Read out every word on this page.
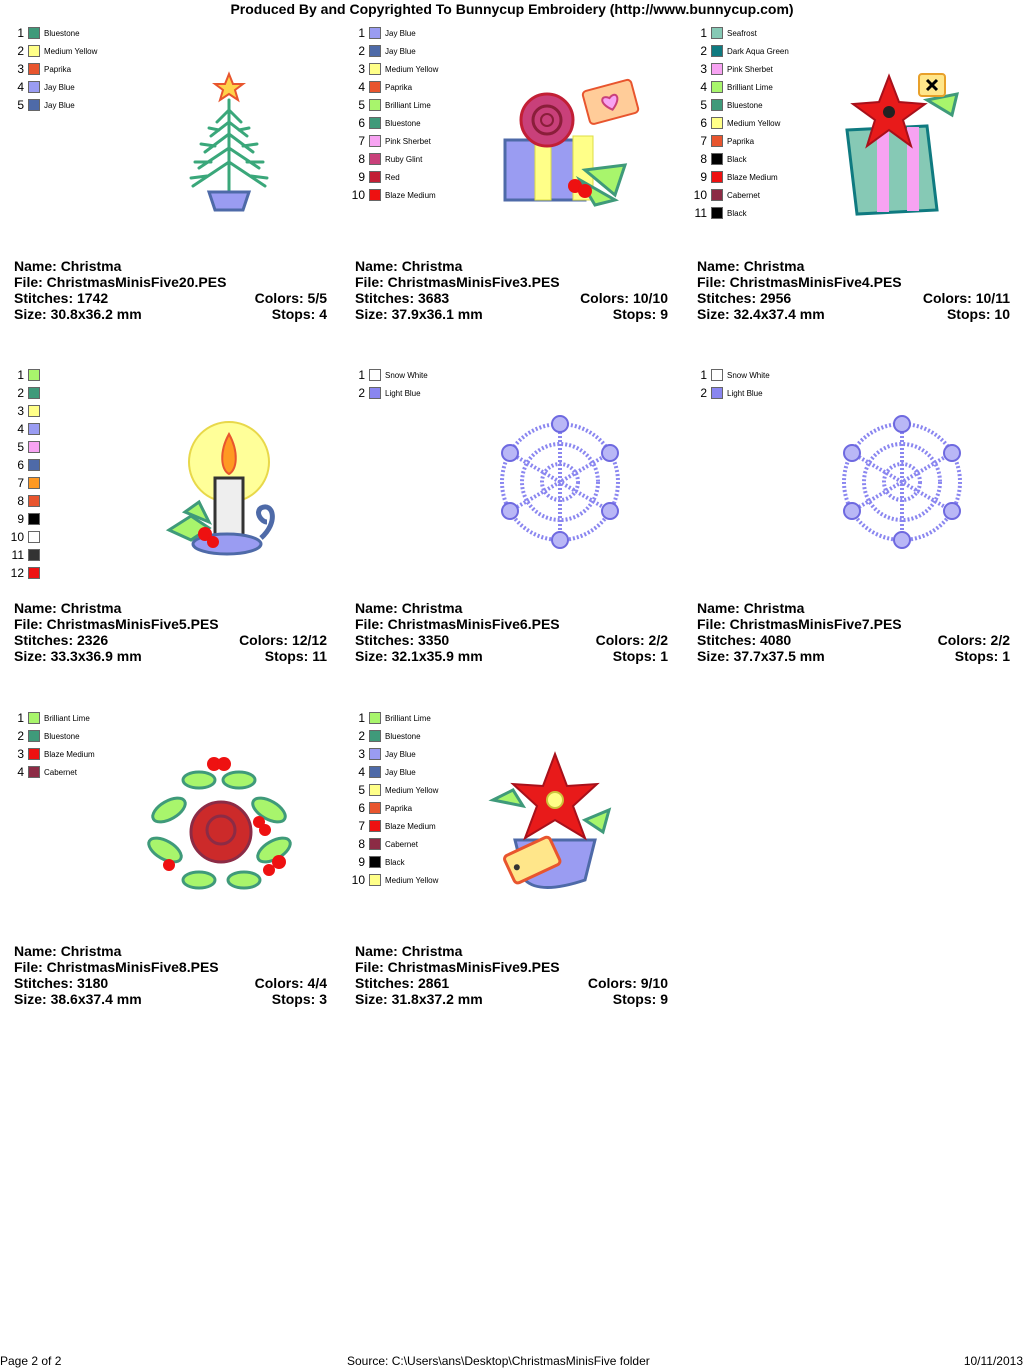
Produced By and Copyrighted To Bunnycup Embroidery (http://www.bunnycup.com)
1	Bluestone
2	Medium Yellow
3	Paprika
4	Jay Blue
5	Jay Blue
Name: Christma
File: ChristmasMinisFive20.PES
Stitches: 1742	Colors: 5/5
Size: 30.8x36.2 mm	Stops: 4
1	Jay Blue
2	Jay Blue
3	Medium Yellow
4	Paprika
5	Brilliant Lime
6	Bluestone
7	Pink Sherbet
8	Ruby Glint
9	Red
10	Blaze Medium
Name: Christma
File: ChristmasMinisFive3.PES
Stitches: 3683	Colors: 10/10
Size: 37.9x36.1 mm	Stops: 9
1	Seafrost
2	Dark Aqua Green
3	Pink Sherbet
4	Brilliant Lime
5	Bluestone
6	Medium Yellow
7	Paprika
8	Black
9	Blaze Medium
10	Cabernet
11	Black
Name: Christma
File: ChristmasMinisFive4.PES
Stitches: 2956	Colors: 10/11
Size: 32.4x37.4 mm	Stops: 10
1
2
3
4
5
6
7
8
9
10
11
12
Name: Christma
File: ChristmasMinisFive5.PES
Stitches: 2326	Colors: 12/12
Size: 33.3x36.9 mm	Stops: 11
1	Snow White
2	Light Blue
Name: Christma
File: ChristmasMinisFive6.PES
Stitches: 3350	Colors: 2/2
Size: 32.1x35.9 mm	Stops: 1
1	Snow White
2	Light Blue
Name: Christma
File: ChristmasMinisFive7.PES
Stitches: 4080	Colors: 2/2
Size: 37.7x37.5 mm	Stops: 1
1	Brilliant Lime
2	Bluestone
3	Blaze Medium
4	Cabernet
Name: Christma
File: ChristmasMinisFive8.PES
Stitches: 3180	Colors: 4/4
Size: 38.6x37.4 mm	Stops: 3
1	Brilliant Lime
2	Bluestone
3	Jay Blue
4	Jay Blue
5	Medium Yellow
6	Paprika
7	Blaze Medium
8	Cabernet
9	Black
10	Medium Yellow
Name: Christma
File: ChristmasMinisFive9.PES
Stitches: 2861	Colors: 9/10
Size: 31.8x37.2 mm	Stops: 9
Page 2 of 2	Source: C:\Users\ans\Desktop\ChristmasMinisFive folder	10/11/2013
